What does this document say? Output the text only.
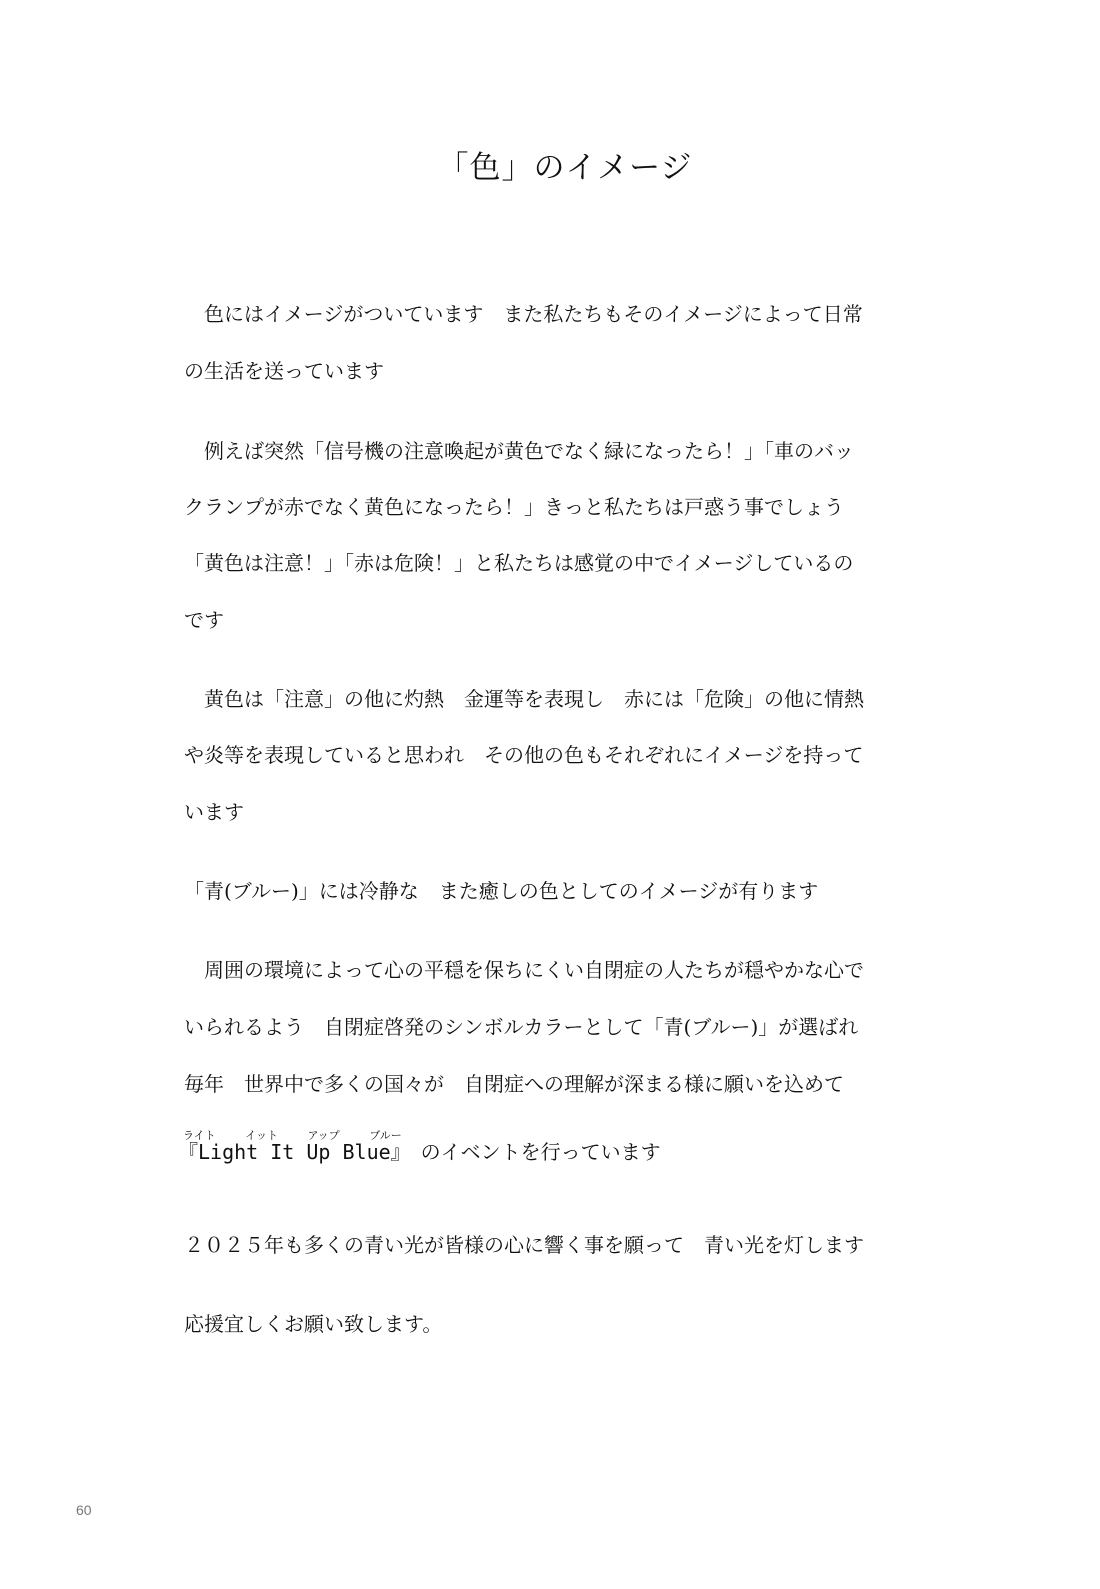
「色」のイメージ
　色にはイメージがついています　また私たちもそのイメージによって日常
の生活を送っています
　例えば突然「信号機の注意喚起が黄色でなく緑になったら！」「車のバッ
クランプが赤でなく黄色になったら！」きっと私たちは戸惑う事でしょう
「黄色は注意！」「赤は危険！」と私たちは感覚の中でイメージしているの
です
　黄色は「注意」の他に灼熱　金運等を表現し　赤には「危険」の他に情熱
や炎等を表現していると思われ　その他の色もそれぞれにイメージを持って
います
「青(ブルー)」には冷静な　また癒しの色としてのイメージが有ります
　周囲の環境によって心の平穏を保ちにくい自閉症の人たちが穏やかな心で
いられるよう　自閉症啓発のシンボルカラーとして「青(ブルー)」が選ばれ
毎年　世界中で多くの国々が　自閉症への理解が深まる様に願いを込めて
ライト	イット	アップ	ブルー
『Light It Up Blue』　のイベントを行っています
２０２５年も多くの青い光が皆様の心に響く事を願って　青い光を灯します
応援宜しくお願い致します。
60
